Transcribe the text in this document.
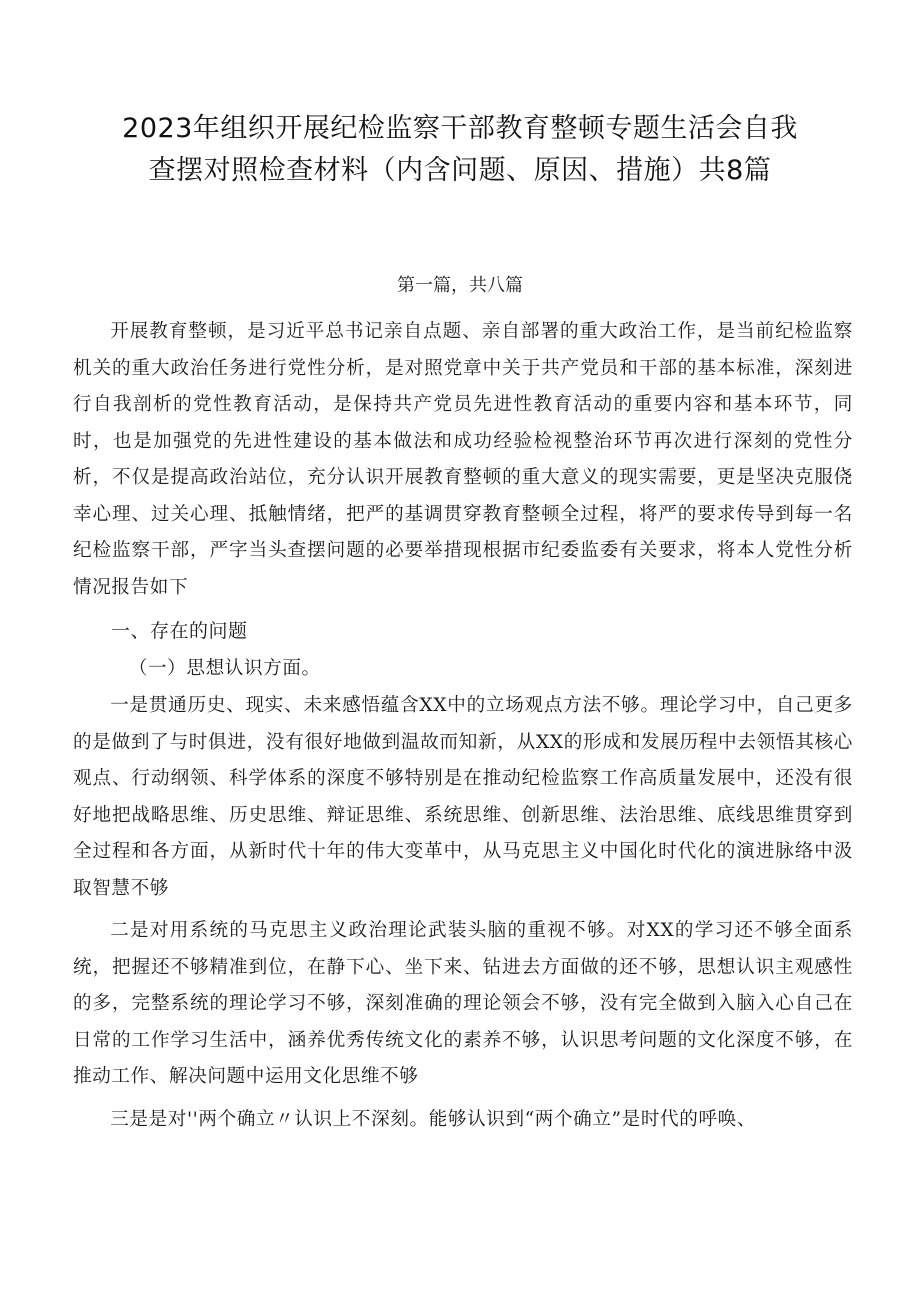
2023年组织开展纪检监察干部教育整顿专题生活会自我查摆对照检查材料（内含问题、原因、措施）共8篇
第一篇，共八篇

开展教育整顿，是习近平总书记亲自点题、亲自部署的重大政治工作，是当前纪检监察机关的重大政治任务进行党性分析，是对照党章中关于共产党员和干部的基本标准，深刻进行自我剖析的党性教育活动，是保持共产党员先进性教育活动的重要内容和基本环节，同时，也是加强党的先进性建设的基本做法和成功经验检视整治环节再次进行深刻的党性分析，不仅是提高政治站位，充分认识开展教育整顿的重大意义的现实需要，更是坚决克服侥幸心理、过关心理、抵触情绪，把严的基调贯穿教育整顿全过程，将严的要求传导到每一名纪检监察干部，严字当头查摆问题的必要举措现根据市纪委监委有关要求，将本人党性分析情况报告如下

一、存在的问题

（一）思想认识方面。

一是贯通历史、现实、未来感悟蕴含XX中的立场观点方法不够。理论学习中，自己更多的是做到了与时俱进，没有很好地做到温故而知新，从XX的形成和发展历程中去领悟其核心观点、行动纲领、科学体系的深度不够特别是在推动纪检监察工作高质量发展中，还没有很好地把战略思维、历史思维、辩证思维、系统思维、创新思维、法治思维、底线思维贯穿到全过程和各方面，从新时代十年的伟大变革中，从马克思主义中国化时代化的演进脉络中汲取智慧不够

二是对用系统的马克思主义政治理论武装头脑的重视不够。对XX的学习还不够全面系统，把握还不够精准到位，在静下心、坐下来、钻进去方面做的还不够，思想认识主观感性的多，完整系统的理论学习不够，深刻准确的理论领会不够，没有完全做到入脑入心自己在日常的工作学习生活中，涵养优秀传统文化的素养不够，认识思考问题的文化深度不够，在推动工作、解决问题中运用文化思维不够

三是是对''两个确立〃认识上不深刻。能够认识到“两个确立”是时代的呼唤、
